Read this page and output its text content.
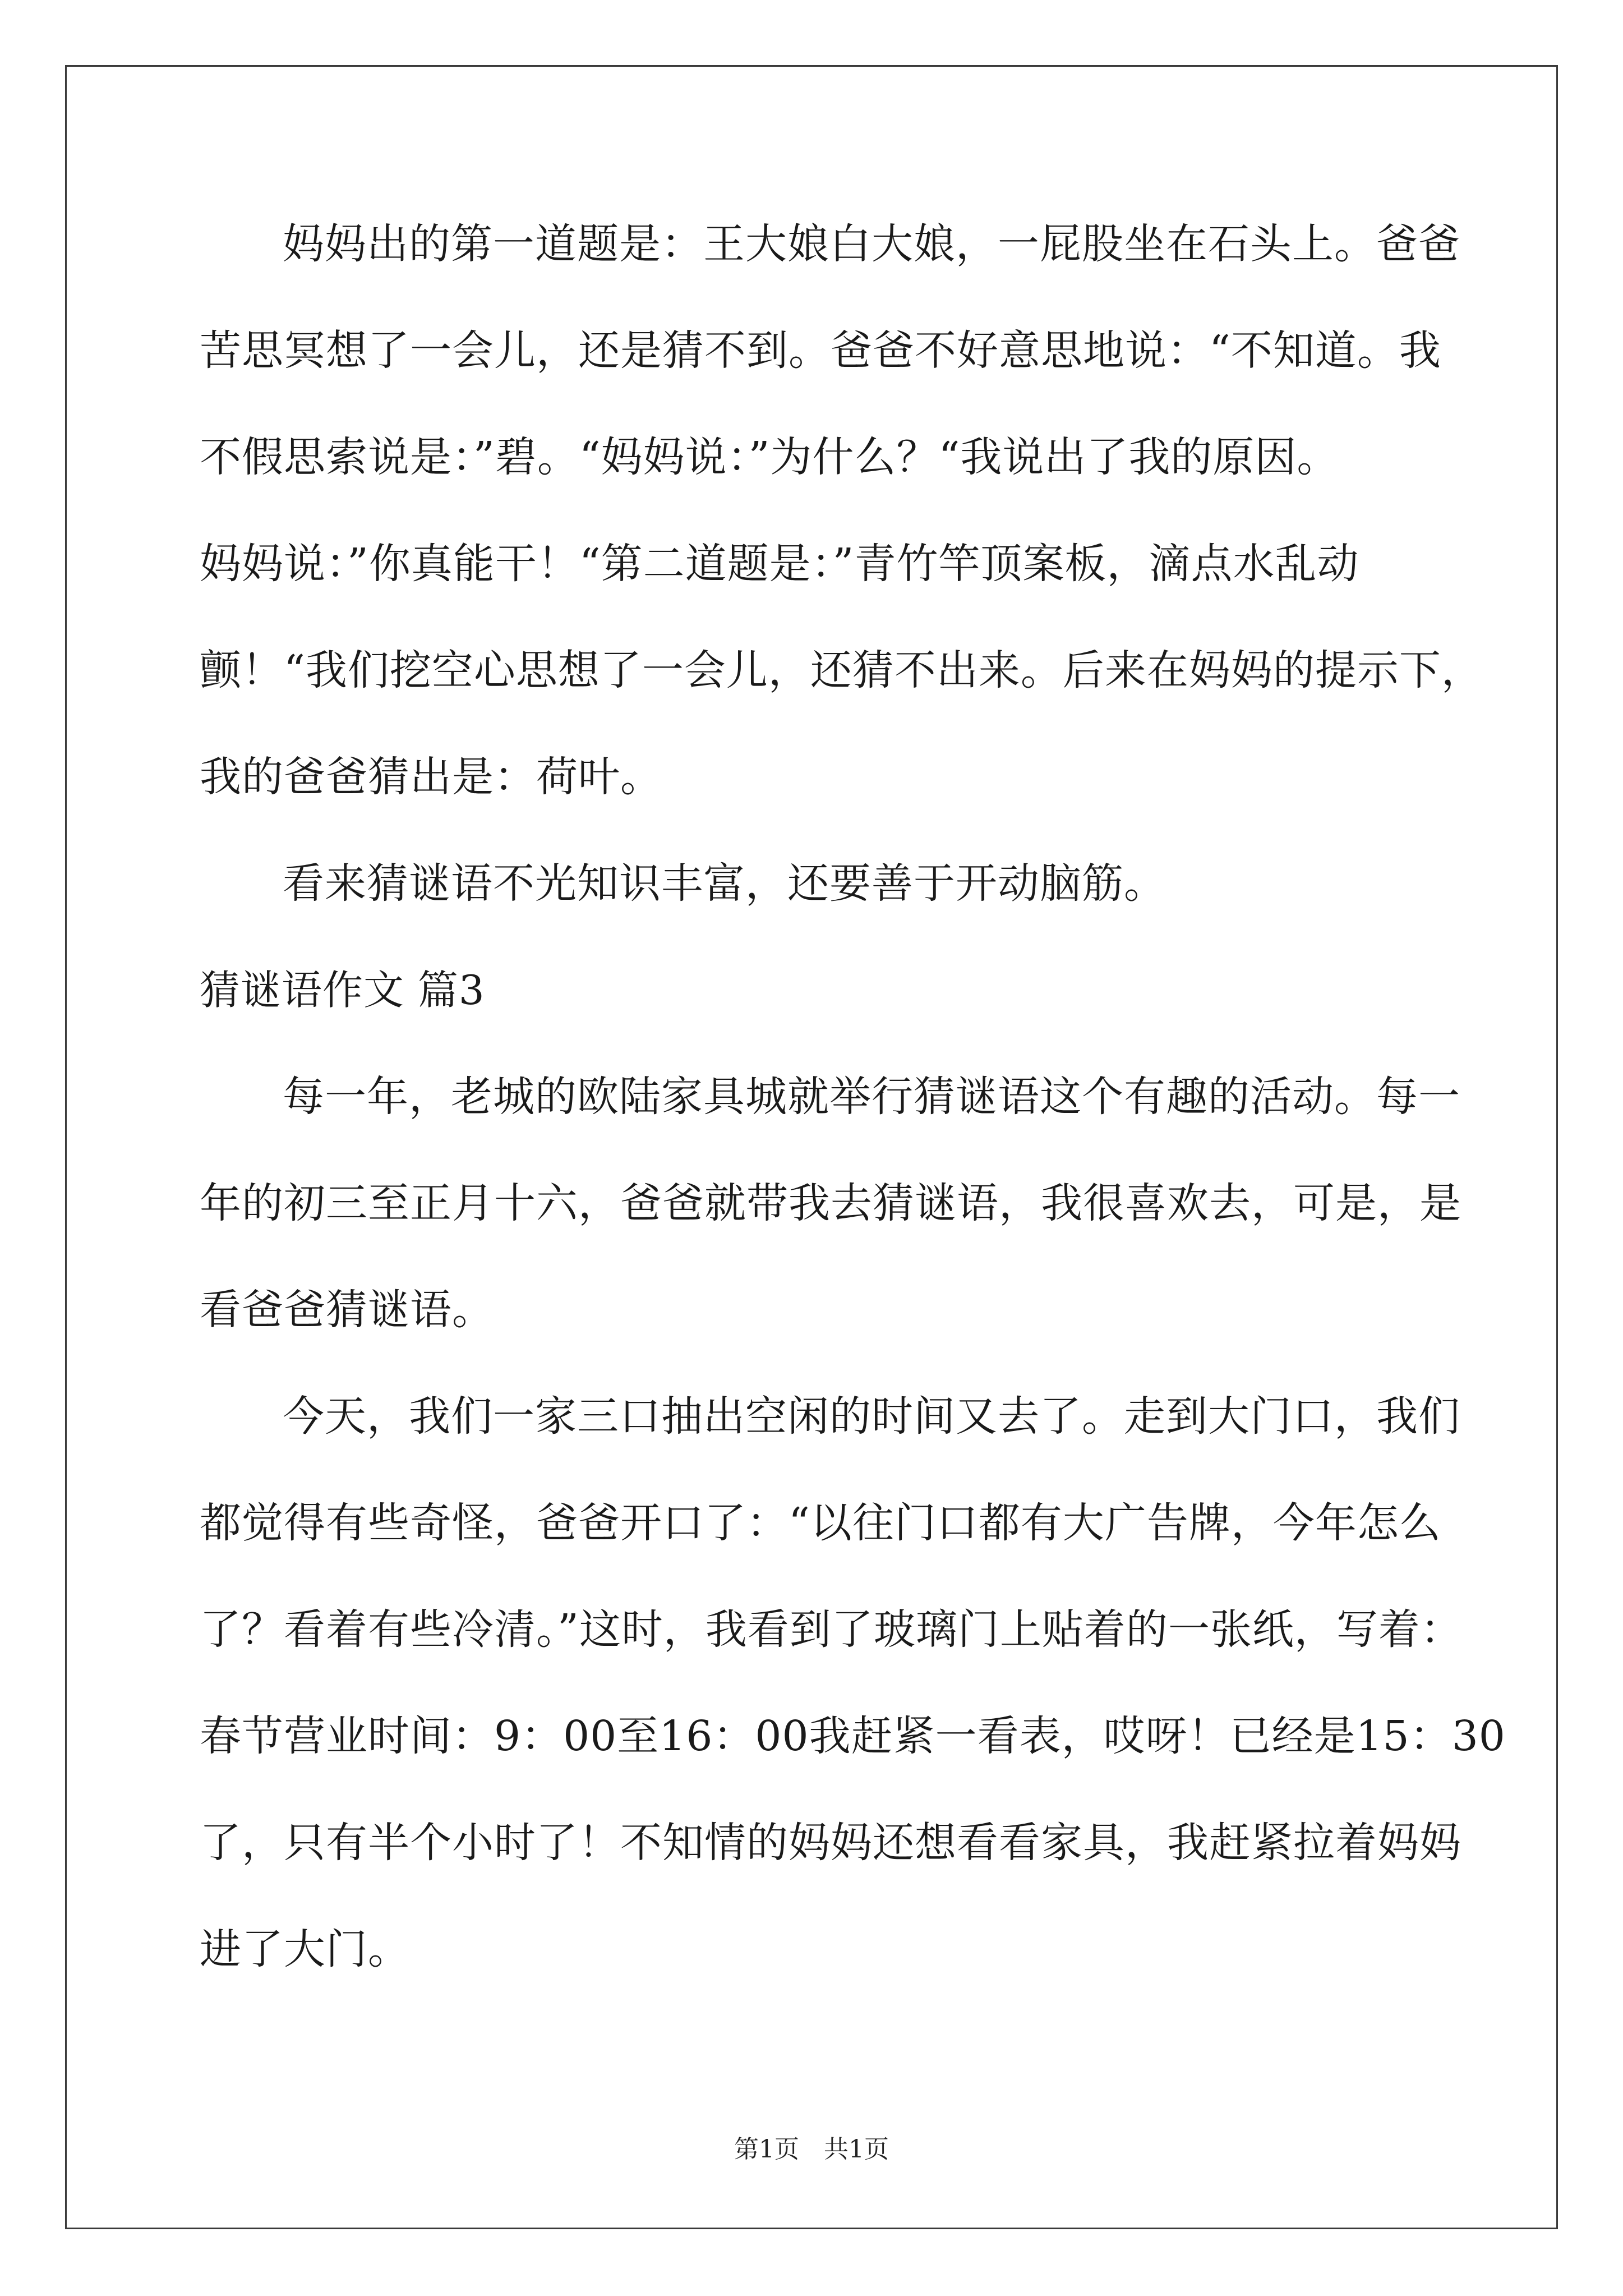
妈妈出的第一道题是：王大娘白大娘，一屁股坐在石头上。爸爸
苦思冥想了一会儿，还是猜不到。爸爸不好意思地说：“不知道。我
不假思索说是：”碧。“妈妈说：”为什么？“我说出了我的原因。
妈妈说：”你真能干！“第二道题是：”青竹竿顶案板，滴点水乱动
颤！“我们挖空心思想了一会儿，还猜不出来。后来在妈妈的提示下，
我的爸爸猜出是：荷叶。
看来猜谜语不光知识丰富，还要善于开动脑筋。
猜谜语作文 篇3
每一年，老城的欧陆家具城就举行猜谜语这个有趣的活动。每一
年的初三至正月十六，爸爸就带我去猜谜语，我很喜欢去，可是，是
看爸爸猜谜语。
今天，我们一家三口抽出空闲的时间又去了。走到大门口，我们
都觉得有些奇怪，爸爸开口了：“以往门口都有大广告牌，今年怎么
了？看着有些冷清。”这时，我看到了玻璃门上贴着的一张纸，写着：
春节营业时间：9：00至16：00我赶紧一看表，哎呀！已经是15：30
了，只有半个小时了！不知情的妈妈还想看看家具，我赶紧拉着妈妈
进了大门。
第1页　共1页
